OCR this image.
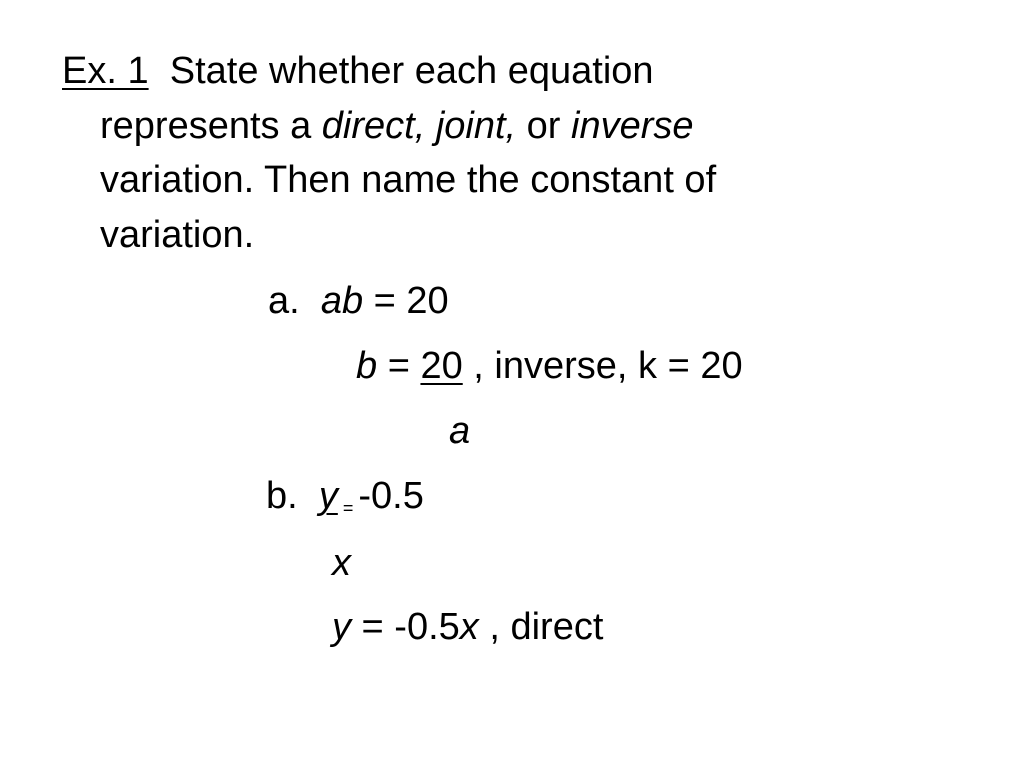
Ex. 1 State whether each equation
represents a direct, joint, or inverse
variation. Then name the constant of
variation.
a. ab = 20
b = 20 , inverse, k = 20
a
b. y = -0.5
x
y = -0.5x , direct
